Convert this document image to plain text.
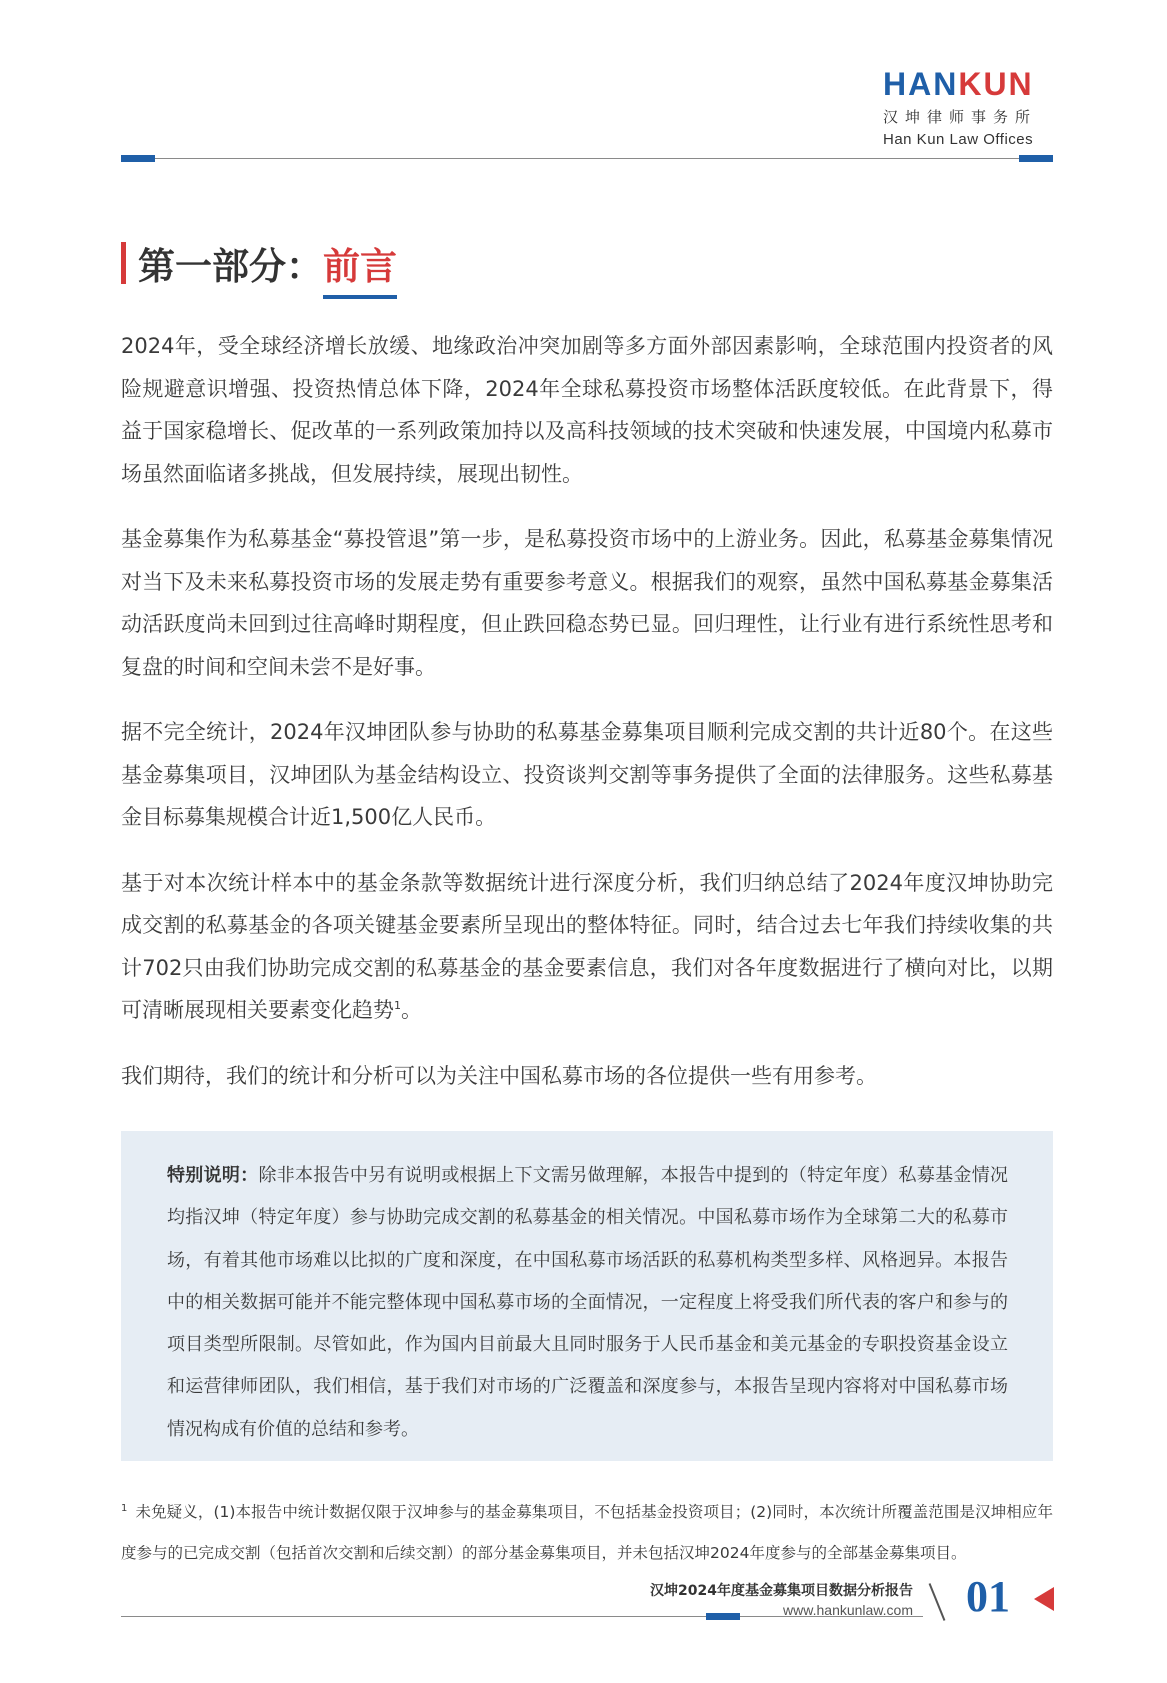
HANKUN
汉坤律师事务所
Han Kun Law Offices
第一部分： 前言

2024年，受全球经济增长放缓、地缘政治冲突加剧等多方面外部因素影响，全球范围内投资者的风险规避意识增强、投资热情总体下降，2024年全球私募投资市场整体活跃度较低。在此背景下，得益于国家稳增长、促改革的一系列政策加持以及高科技领域的技术突破和快速发展，中国境内私募市场虽然面临诸多挑战，但发展持续，展现出韧性。

基金募集作为私募基金“募投管退”第一步，是私募投资市场中的上游业务。因此，私募基金募集情况对当下及未来私募投资市场的发展走势有重要参考意义。根据我们的观察，虽然中国私募基金募集活动活跃度尚未回到过往高峰时期程度，但止跌回稳态势已显。回归理性，让行业有进行系统性思考和复盘的时间和空间未尝不是好事。

据不完全统计，2024年汉坤团队参与协助的私募基金募集项目顺利完成交割的共计近80个。在这些基金募集项目，汉坤团队为基金结构设立、投资谈判交割等事务提供了全面的法律服务。这些私募基金目标募集规模合计近1,500亿人民币。

基于对本次统计样本中的基金条款等数据统计进行深度分析，我们归纳总结了2024年度汉坤协助完成交割的私募基金的各项关键基金要素所呈现出的整体特征。同时，结合过去七年我们持续收集的共计702只由我们协助完成交割的私募基金的基金要素信息，我们对各年度数据进行了横向对比，以期可清晰展现相关要素变化趋势$^1$。

我们期待，我们的统计和分析可以为关注中国私募市场的各位提供一些有用参考。

特别说明：除非本报告中另有说明或根据上下文需另做理解，本报告中提到的（特定年度）私募基金情况均指汉坤（特定年度）参与协助完成交割的私募基金的相关情况。中国私募市场作为全球第二大的私募市场，有着其他市场难以比拟的广度和深度，在中国私募市场活跃的私募机构类型多样、风格迥异。本报告中的相关数据可能并不能完整体现中国私募市场的全面情况，一定程度上将受我们所代表的客户和参与的项目类型所限制。尽管如此，作为国内目前最大且同时服务于人民币基金和美元基金的专职投资基金设立和运营律师团队，我们相信，基于我们对市场的广泛覆盖和深度参与，本报告呈现内容将对中国私募市场情况构成有价值的总结和参考。
$^1$ 未免疑义，(1)本报告中统计数据仅限于汉坤参与的基金募集项目，不包括基金投资项目；(2)同时，本次统计所覆盖范围是汉坤相应年度参与的已完成交割（包括首次交割和后续交割）的部分基金募集项目，并未包括汉坤2024年度参与的全部基金募集项目。
汉坤2024年度基金募集项目数据分析报告
www.hankunlaw.com 01
